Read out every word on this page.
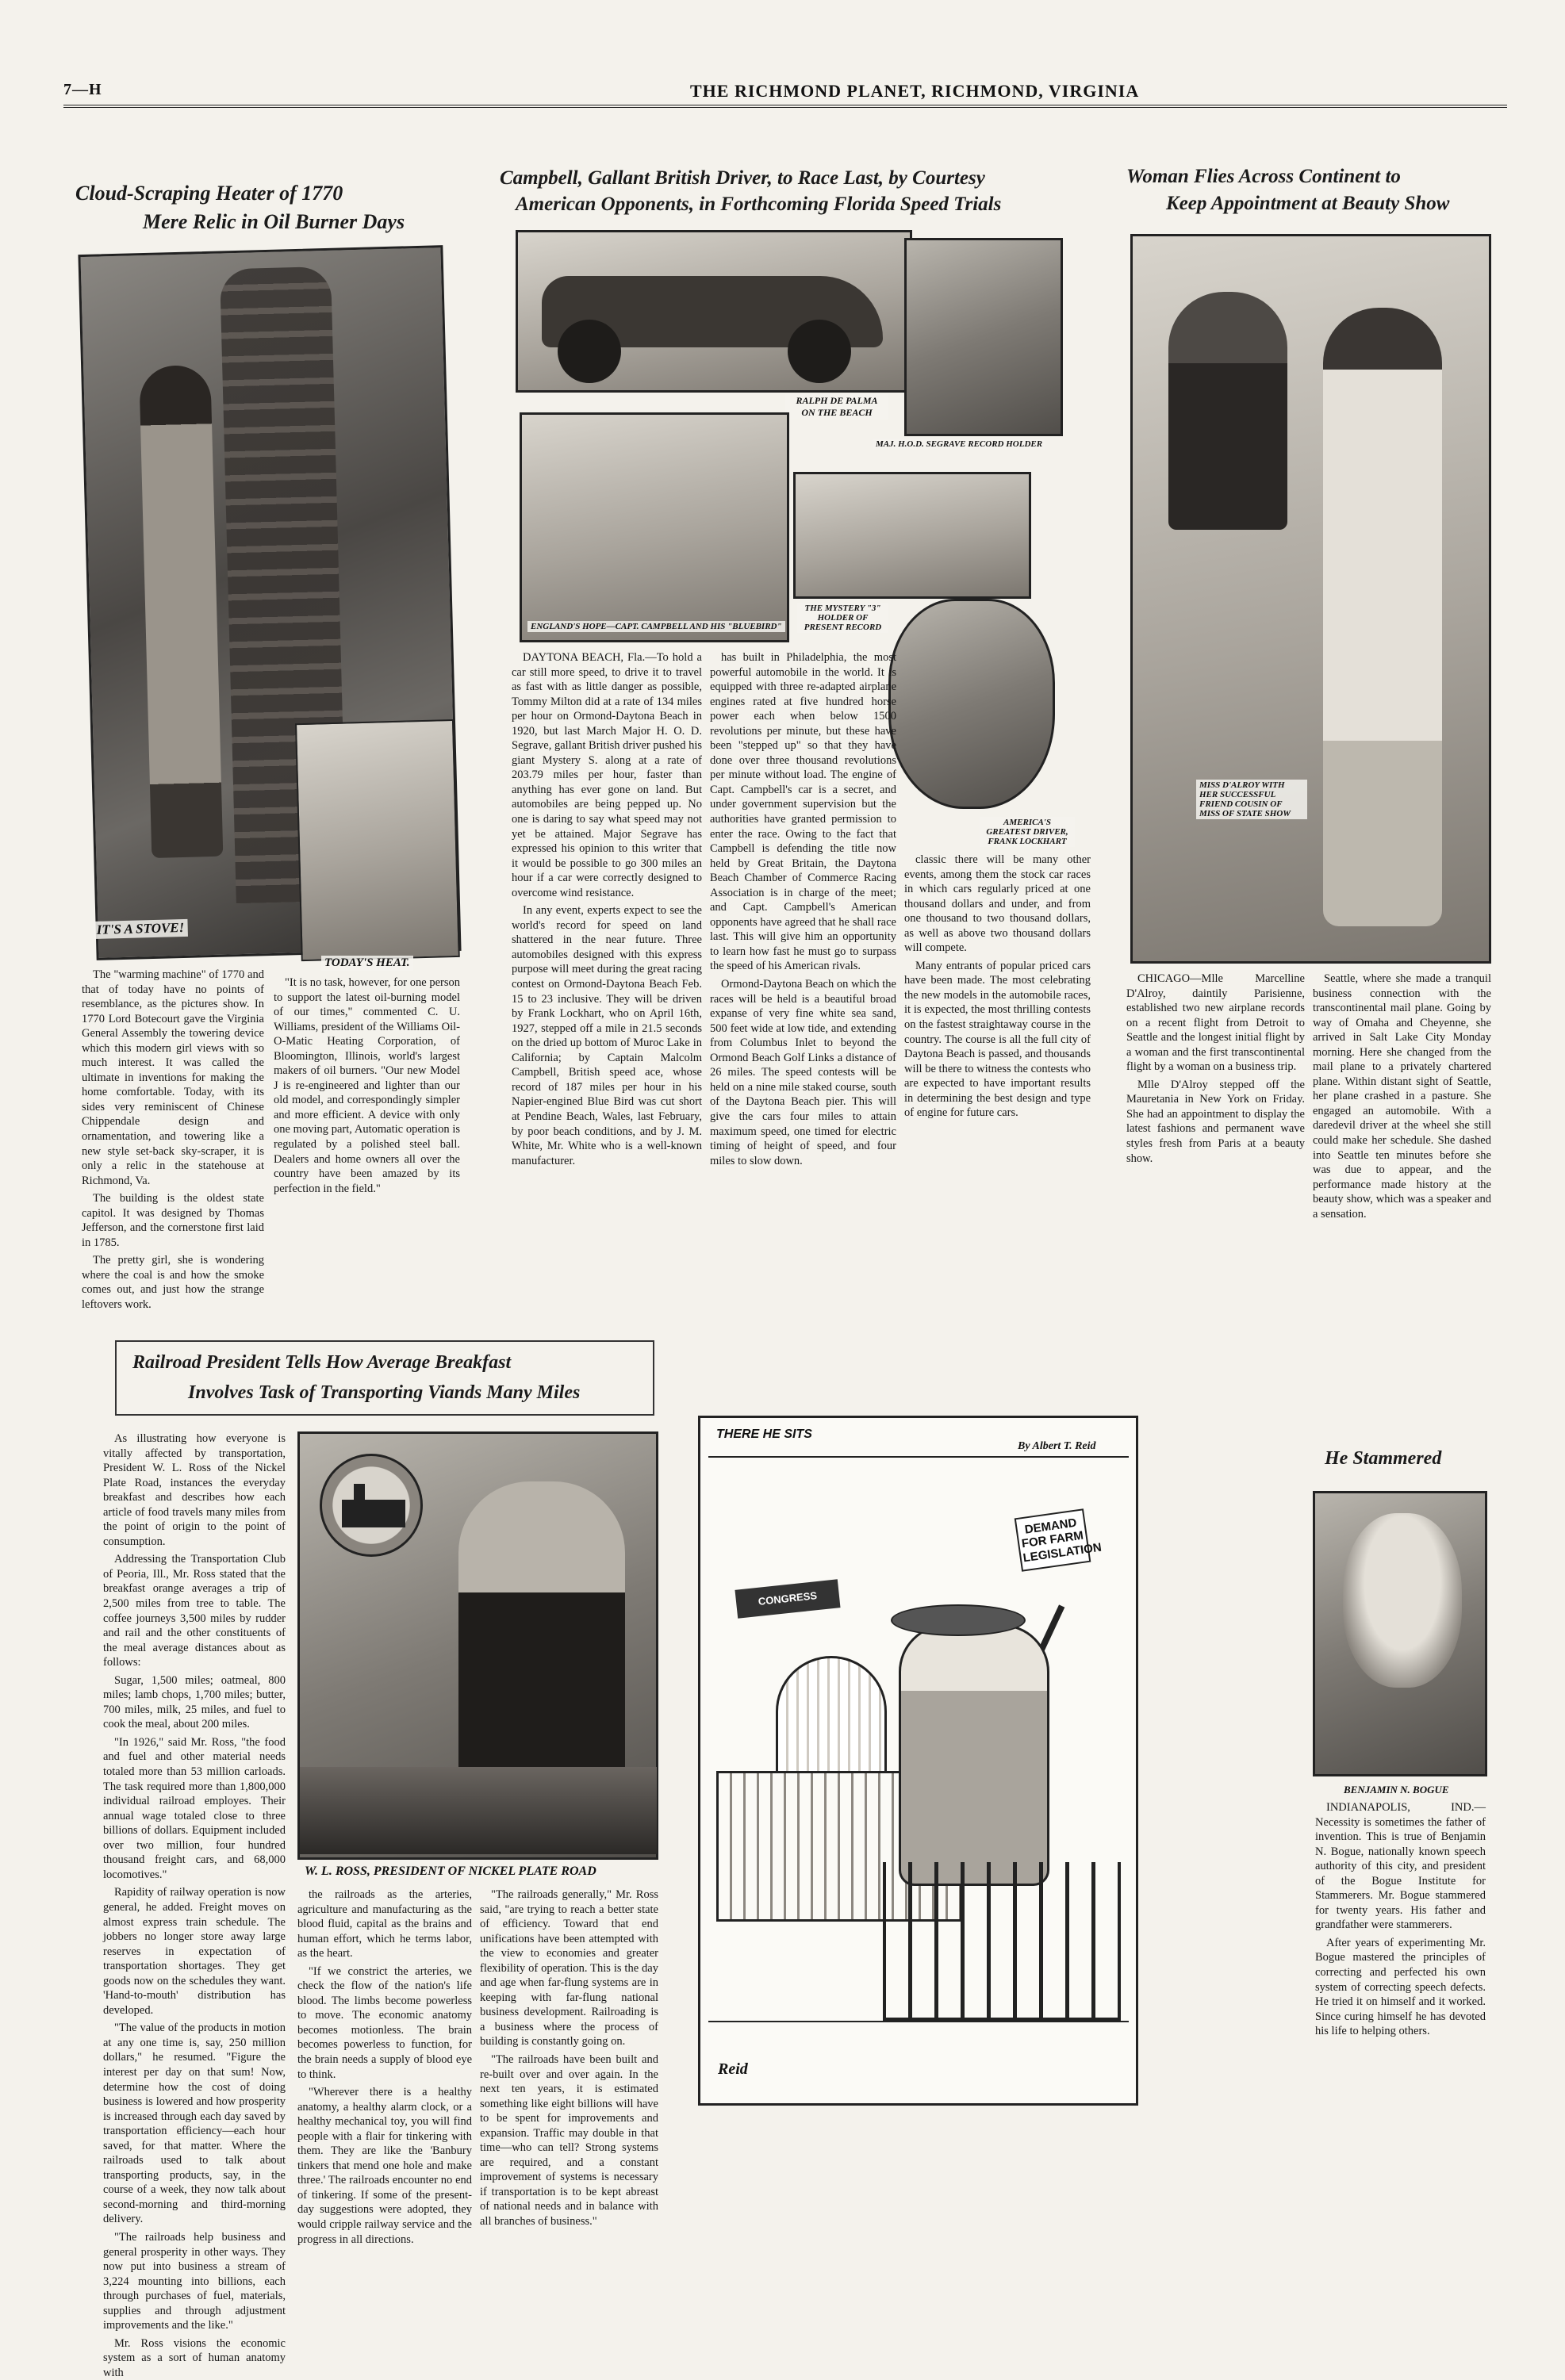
7—H	THE RICHMOND PLANET, RICHMOND, VIRGINIA
Cloud-Scraping Heater of 1770
Mere Relic in Oil Burner Days
IT'S A STOVE!

The "warming machine" of 1770 and that of today have no points of resemblance, as the pictures show. In 1770 Lord Botecourt gave the Virginia General Assembly the towering device which this modern girl views with so much interest. It was called the ultimate in inventions for making the home comfortable. Today, with its sides very reminiscent of Chinese Chippendale design and ornamentation, and towering like a new style set-back sky-scraper, it is only a relic in the statehouse at Richmond, Va.

The building is the oldest state capitol. It was designed by Thomas Jefferson, and the cornerstone first laid in 1785.

The pretty girl, she is wondering where the coal is and how the smoke comes out, and just how the strange leftovers work.

TODAY'S HEAT.

"It is no task, however, for one person to support the latest oil-burning model of our times," commented C. U. Williams, president of the Williams Oil-O-Matic Heating Corporation, of Bloomington, Illinois, world's largest makers of oil burners. "Our new Model J is re-engineered and lighter than our old model, and correspondingly simpler and more efficient. A device with only one moving part, Automatic operation is regulated by a polished steel ball. Dealers and home owners all over the country have been amazed by its perfection in the field."

Campbell, Gallant British Driver, to Race Last, by Courtesy
American Opponents, in Forthcoming Florida Speed Trials
RALPH DE PALMA ON THE BEACH
MAJ. H.O.D. SEGRAVE RECORD HOLDER
ENGLAND'S HOPE—CAPT. CAMPBELL AND HIS "BLUEBIRD"
THE MYSTERY "3" HOLDER OF PRESENT RECORD
AMERICA'S GREATEST DRIVER, FRANK LOCKHART

DAYTONA BEACH, Fla.—To hold a car still more speed, to drive it to travel as fast with as little danger as possible, Tommy Milton did at a rate of 134 miles per hour on Ormond-Daytona Beach in 1920, but last March Major H. O. D. Segrave, gallant British driver pushed his giant Mystery S. along at a rate of 203.79 miles per hour, faster than anything has ever gone on land. But automobiles are being pepped up. No one is daring to say what speed may not yet be attained. Major Segrave has expressed his opinion to this writer that it would be possible to go 300 miles an hour if a car were correctly designed to overcome wind resistance.

In any event, experts expect to see the world's record for speed on land shattered in the near future. Three automobiles designed with this express purpose will meet during the great racing contest on Ormond-Daytona Beach Feb. 15 to 23 inclusive. They will be driven by Frank Lockhart, who on April 16th, 1927, stepped off a mile in 21.5 seconds on the dried up bottom of Muroc Lake in California; by Captain Malcolm Campbell, British speed ace, whose record of 187 miles per hour in his Napier-engined Blue Bird was cut short at Pendine Beach, Wales, last February, by poor beach conditions, and by J. M. White, Mr. White who is a well-known manufacturer.

has built in Philadelphia, the most powerful automobile in the world. It is equipped with three re-adapted airplane engines rated at five hundred horse power each when below 1500 revolutions per minute, but these have been "stepped up" so that they have done over three thousand revolutions per minute without load. The engine of Capt. Campbell's car is a secret, and under government supervision but the authorities have granted permission to enter the race. Owing to the fact that Campbell is defending the title now held by Great Britain, the Daytona Beach Chamber of Commerce Racing Association is in charge of the meet; and Capt. Campbell's American opponents have agreed that he shall race last. This will give him an opportunity to learn how fast he must go to surpass the speed of his American rivals.

Ormond-Daytona Beach on which the races will be held is a beautiful broad expanse of very fine white sea sand, 500 feet wide at low tide, and extending from Columbus Inlet to beyond the Ormond Beach Golf Links a distance of 26 miles. The speed contests will be held on a nine mile staked course, south of the Daytona Beach pier. This will give the cars four miles to attain maximum speed, one timed for electric timing of height of speed, and four miles to slow down.

classic there will be many other events, among them the stock car races in which cars regularly priced at one thousand dollars and under, and from one thousand to two thousand dollars, as well as above two thousand dollars will compete.

Many entrants of popular priced cars have been made. The most celebrating the new models in the automobile races, it is expected, the most thrilling contests on the fastest straightaway course in the country. The course is all the full city of Daytona Beach is passed, and thousands will be there to witness the contests who are expected to have important results in determining the best design and type of engine for future cars.

Woman Flies Across Continent to
Keep Appointment at Beauty Show
MISS D'ALROY WITH HER SUCCESSFUL FRIEND COUSIN OF MISS OF STATE SHOW

CHICAGO—Mlle Marcelline D'Alroy, daintily Parisienne, established two new airplane records on a recent flight from Detroit to Seattle and the longest initial flight by a woman and the first transcontinental flight by a woman on a business trip.

Mlle D'Alroy stepped off the Mauretania in New York on Friday. She had an appointment to display the latest fashions and permanent wave styles fresh from Paris at a beauty show.

Seattle, where she made a tranquil business connection with the transcontinental mail plane. Going by way of Omaha and Cheyenne, she arrived in Salt Lake City Monday morning. Here she changed from the mail plane to a privately chartered plane. Within distant sight of Seattle, her plane crashed in a pasture. She engaged an automobile. With a daredevil driver at the wheel she still could make her schedule. She dashed into Seattle ten minutes before she was due to appear, and the performance made history at the beauty show, which was a speaker and a sensation.

Railroad President Tells How Average Breakfast
Involves Task of Transporting Viands Many Miles

As illustrating how everyone is vitally affected by transportation, President W. L. Ross of the Nickel Plate Road, instances the everyday breakfast and describes how each article of food travels many miles from the point of origin to the point of consumption.

Addressing the Transportation Club of Peoria, Ill., Mr. Ross stated that the breakfast orange averages a trip of 2,500 miles from tree to table. The coffee journeys 3,500 miles by rudder and rail and the other constituents of the meal average distances about as follows:

Sugar, 1,500 miles; oatmeal, 800 miles; lamb chops, 1,700 miles; butter, 700 miles, milk, 25 miles, and fuel to cook the meal, about 200 miles.

"In 1926," said Mr. Ross, "the food and fuel and other material needs totaled more than 53 million carloads. The task required more than 1,800,000 individual railroad employes. Their annual wage totaled close to three billions of dollars. Equipment included over two million, four hundred thousand freight cars, and 68,000 locomotives."

Rapidity of railway operation is now general, he added. Freight moves on almost express train schedule. The jobbers no longer store away large reserves in expectation of transportation shortages. They get goods now on the schedules they want. 'Hand-to-mouth' distribution has developed.

"The value of the products in motion at any one time is, say, 250 million dollars," he resumed. "Figure the interest per day on that sum! Now, determine how the cost of doing business is lowered and how prosperity is increased through each day saved by transportation efficiency—each hour saved, for that matter. Where the railroads used to talk about transporting products, say, in the course of a week, they now talk about second-morning and third-morning delivery.

"The railroads help business and general prosperity in other ways. They now put into business a stream of 3,224 mounting into billions, each through purchases of fuel, materials, supplies and through adjustment improvements and the like."

Mr. Ross visions the economic system as a sort of human anatomy with

W. L. ROSS, PRESIDENT OF NICKEL PLATE ROAD

the railroads as the arteries, agriculture and manufacturing as the blood fluid, capital as the brains and human effort, which he terms labor, as the heart.

"If we constrict the arteries, we check the flow of the nation's life blood. The limbs become powerless to move. The economic anatomy becomes motionless. The brain becomes powerless to function, for the brain needs a supply of blood eye to think.

"Wherever there is a healthy anatomy, a healthy alarm clock, or a healthy mechanical toy, you will find people with a flair for tinkering with them. They are like the 'Banbury tinkers that mend one hole and make three.' The railroads encounter no end of tinkering. If some of the present-day suggestions were adopted, they would cripple railway service and the progress in all directions.

"The railroads generally," Mr. Ross said, "are trying to reach a better state of efficiency. Toward that end unifications have been attempted with the view to economies and greater flexibility of operation. This is the day and age when far-flung systems are in keeping with far-flung national business development. Railroading is a business where the process of building is constantly going on.

"The railroads have been built and re-built over and over again. In the next ten years, it is estimated something like eight billions will have to be spent for improvements and expansion. Traffic may double in that time—who can tell? Strong systems are required, and a constant improvement of systems is necessary if transportation is to be kept abreast of national needs and in balance with all branches of business."

THERE HE SITS
By Albert T. Reid
DEMAND FOR FARM LEGISLATION
CONGRESS
Reid
He Stammered
BENJAMIN N. BOGUE

INDIANAPOLIS, IND.—Necessity is sometimes the father of invention. This is true of Benjamin N. Bogue, nationally known speech authority of this city, and president of the Bogue Institute for Stammerers. Mr. Bogue stammered for twenty years. His father and grandfather were stammerers.

After years of experimenting Mr. Bogue mastered the principles of correcting and perfected his own system of correcting speech defects. He tried it on himself and it worked. Since curing himself he has devoted his life to helping others.
